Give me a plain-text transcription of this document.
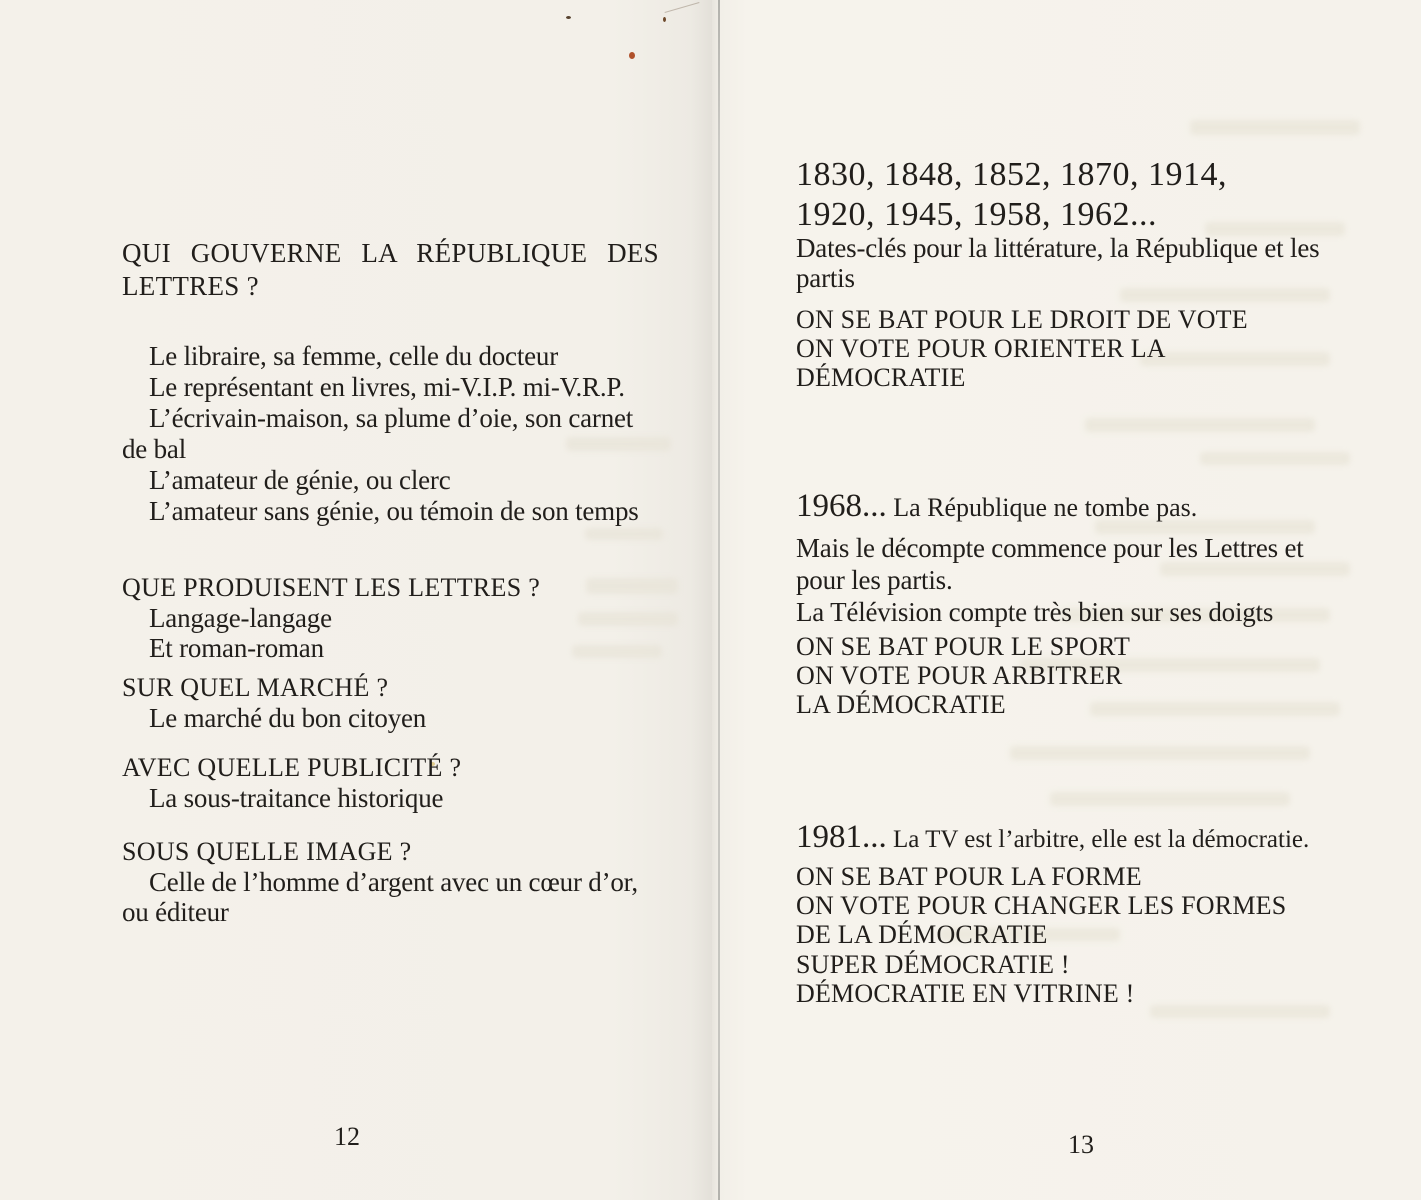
QUI GOUVERNE LA RÉPUBLIQUE DES
LETTRES ?
Le libraire, sa femme, celle du docteur
Le représentant en livres, mi-V.I.P. mi-V.R.P.
L’écrivain-maison, sa plume d’oie, son carnet
de bal
L’amateur de génie, ou clerc
L’amateur sans génie, ou témoin de son temps
QUE PRODUISENT LES LETTRES ?
Langage-langage
Et roman-roman
SUR QUEL MARCHÉ ?
Le marché du bon citoyen
AVEC QUELLE PUBLICITÉ ?
La sous-traitance historique
SOUS QUELLE IMAGE ?
Celle de l’homme d’argent avec un cœur d’or,
ou éditeur
12
1830, 1848, 1852, 1870, 1914,
1920, 1945, 1958, 1962...
Dates-clés pour la littérature, la République et les
partis
ON SE BAT POUR LE DROIT DE VOTE
ON VOTE POUR ORIENTER LA
DÉMOCRATIE
1968... La République ne tombe pas.
Mais le décompte commence pour les Lettres et
pour les partis.
La Télévision compte très bien sur ses doigts
ON SE BAT POUR LE SPORT
ON VOTE POUR ARBITRER
LA DÉMOCRATIE
1981... La TV est l’arbitre, elle est la démocratie.
ON SE BAT POUR LA FORME
ON VOTE POUR CHANGER LES FORMES
DE LA DÉMOCRATIE
SUPER DÉMOCRATIE !
DÉMOCRATIE EN VITRINE !
13
